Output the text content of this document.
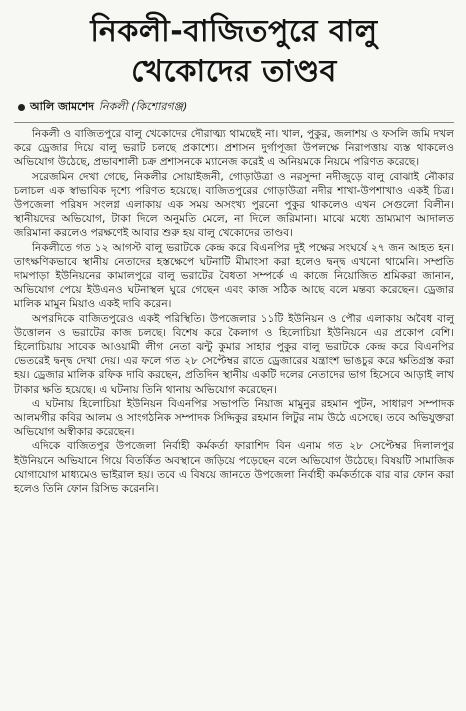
নিকলী-বাজিতপুরে বালু
খেকোদের তাণ্ডব
আলি জামশেদ নিকলী (কিশোরগঞ্জ)

নিকলী ও বাজিতপুরে বালু খেকোদের দৌরাত্ম্য থামছেই না। খাল, পুকুর, জলাশয় ও ফসলি জমি দখল করে ড্রেজার দিয়ে বালু ভরাট চলছে প্রকাশ্যে। প্রশাসন দুর্গাপূজা উপলক্ষে নিরাপত্তায় ব্যস্ত থাকলেও অভিযোগ উঠেছে, প্রভাবশালী চক্র প্রশাসনকে ম্যানেজ করেই এ অনিয়মকে নিয়মে পরিণত করেছে।

সরেজমিন দেখা গেছে, নিকলীর সোয়াইজনী, গোড়াউত্রা ও নরসুন্দা নদীজুড়ে বালু বোঝাই নৌকার চলাচল এক স্বাভাবিক দৃশ্যে পরিণত হয়েছে। বাজিতপুরের গোড়াউত্রা নদীর শাখা-উপশাখাও একই চিত্র। উপজেলা পরিষদ সংলগ্ন এলাকায় এক সময় অসংখ্য পুরনো পুকুর থাকলেও এখন সেগুলো বিলীন। স্থানীয়দের অভিযোগ, টাকা দিলে অনুমতি মেলে, না দিলে জরিমানা। মাঝে মধ্যে ভ্রাম্যমাণ আদালত জরিমানা করলেও পরক্ষণেই আবার শুরু হয় বালু খেকোদের তাণ্ডব।

নিকলীতে গত ১২ আগস্ট বালু ভরাটকে কেন্দ্র করে বিএনপির দুই পক্ষের সংঘর্ষে ২৭ জন আহত হন। তাৎক্ষণিকভাবে স্থানীয় নেতাদের হস্তক্ষেপে ঘটনাটি মীমাংসা করা হলেও দ্বন্দ্ব এখনো থামেনি। সম্প্রতি দামপাড়া ইউনিয়নের কামালপুরে বালু ভরাটের বৈধতা সম্পর্কে এ কাজে নিয়োজিত শ্রমিকরা জানান, অভিযোগ পেয়ে ইউএনও ঘটনাস্থল ঘুরে গেছেন এবং কাজ সঠিক আছে বলে মন্তব্য করেছেন। ড্রেজার মালিক মামুন মিয়াও একই দাবি করেন।

অপরদিকে বাজিতপুরেও একই পরিস্থিতি। উপজেলার ১১টি ইউনিয়ন ও পৌর এলাকায় অবৈধ বালু উত্তোলন ও ভরাটের কাজ চলছে। বিশেষ করে কৈলাগ ও হিলোচিয়া ইউনিয়নে এর প্রকোপ বেশি। হিলোচিয়ায় সাবেক আওয়ামী লীগ নেতা ঝন্টু কুমার সাহার পুকুর বালু ভরাটকে কেন্দ্র করে বিএনপির ভেতরেই দ্বন্দ্ব দেখা দেয়। এর ফলে গত ২৮ সেপ্টেম্বর রাতে ড্রেজারের যন্ত্রাংশ ভাঙচুর করে ক্ষতিগ্রস্ত করা হয়। ড্রেজার মালিক রফিক দাবি করছেন, প্রতিদিন স্থানীয় একটি দলের নেতাদের ভাগ হিসেবে আড়াই লাখ টাকার ক্ষতি হয়েছে। এ ঘটনায় তিনি থানায় অভিযোগ করেছেন।

এ ঘটনায় হিলোচিয়া ইউনিয়ন বিএনপির সভাপতি নিয়াজ মামুনুর রহমান পুটন, সাধারণ সম্পাদক আলমগীর কবির আলম ও সাংগঠনিক সম্পাদক সিদ্দিকুর রহমান লিটুর নাম উঠে এসেছে। তবে অভিযুক্তরা অভিযোগ অস্বীকার করেছেন।

এদিকে বাজিতপুর উপজেলা নির্বাহী কর্মকর্তা ফারাশিদ বিন এনাম গত ২৮ সেপ্টেম্বর দিলালপুর ইউনিয়নে অভিযানে গিয়ে বিতর্কিত অবস্থানে জড়িয়ে পড়েছেন বলে অভিযোগ উঠেছে। বিষয়টি সামাজিক যোগাযোগ মাধ্যমেও ভাইরাল হয়। তবে এ বিষয়ে জানতে উপজেলা নির্বাহী কর্মকর্তাকে বার বার ফোন করা হলেও তিনি ফোন রিসিভ করেননি।
